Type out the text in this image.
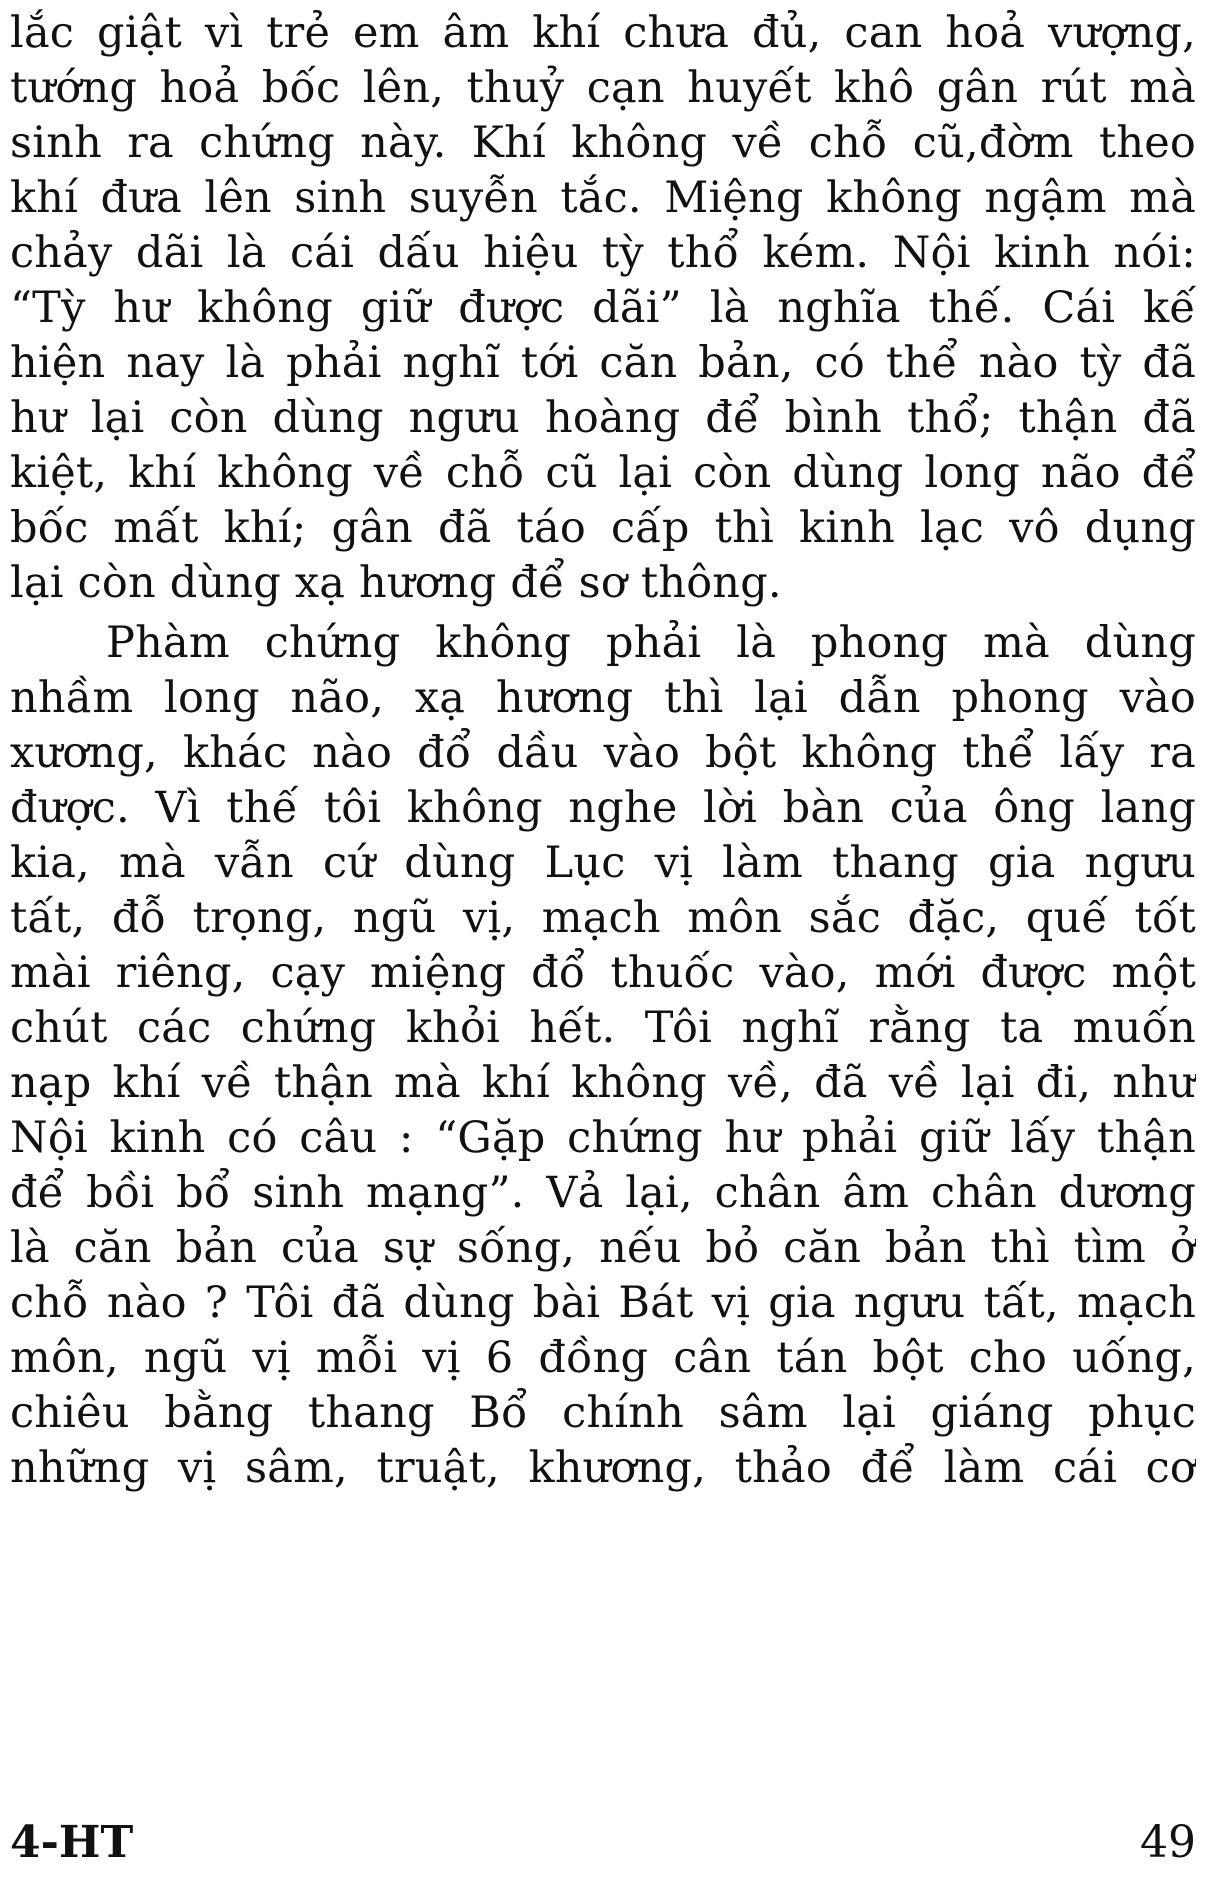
lắc giật vì trẻ em âm khí chưa đủ, can hoả vượng,
tướng hoả bốc lên, thuỷ cạn huyết khô gân rút mà
sinh ra chứng này. Khí không về chỗ cũ,đờm theo
khí đưa lên sinh suyễn tắc. Miệng không ngậm mà
chảy dãi là cái dấu hiệu tỳ thổ kém. Nội kinh nói:
“Tỳ hư không giữ được dãi” là nghĩa thế. Cái kế
hiện nay là phải nghĩ tới căn bản, có thể nào tỳ đã
hư lại còn dùng ngưu hoàng để bình thổ; thận đã
kiệt, khí không về chỗ cũ lại còn dùng long não để
bốc mất khí; gân đã táo cấp thì kinh lạc vô dụng
lại còn dùng xạ hương để sơ thông.
Phàm chứng không phải là phong mà dùng
nhầm long não, xạ hương thì lại dẫn phong vào
xương, khác nào đổ dầu vào bột không thể lấy ra
được. Vì thế tôi không nghe lời bàn của ông lang
kia, mà vẫn cứ dùng Lục vị làm thang gia ngưu
tất, đỗ trọng, ngũ vị, mạch môn sắc đặc, quế tốt
mài riêng, cạy miệng đổ thuốc vào, mới được một
chút các chứng khỏi hết. Tôi nghĩ rằng ta muốn
nạp khí về thận mà khí không về, đã về lại đi, như
Nội kinh có câu : “Gặp chứng hư phải giữ lấy thận
để bồi bổ sinh mạng”. Vả lại, chân âm chân dương
là căn bản của sự sống, nếu bỏ căn bản thì tìm ở
chỗ nào ? Tôi đã dùng bài Bát vị gia ngưu tất, mạch
môn, ngũ vị mỗi vị 6 đồng cân tán bột cho uống,
chiêu bằng thang Bổ chính sâm lại giáng phục
những vị sâm, truật, khương, thảo để làm cái cơ
4-HT	49
